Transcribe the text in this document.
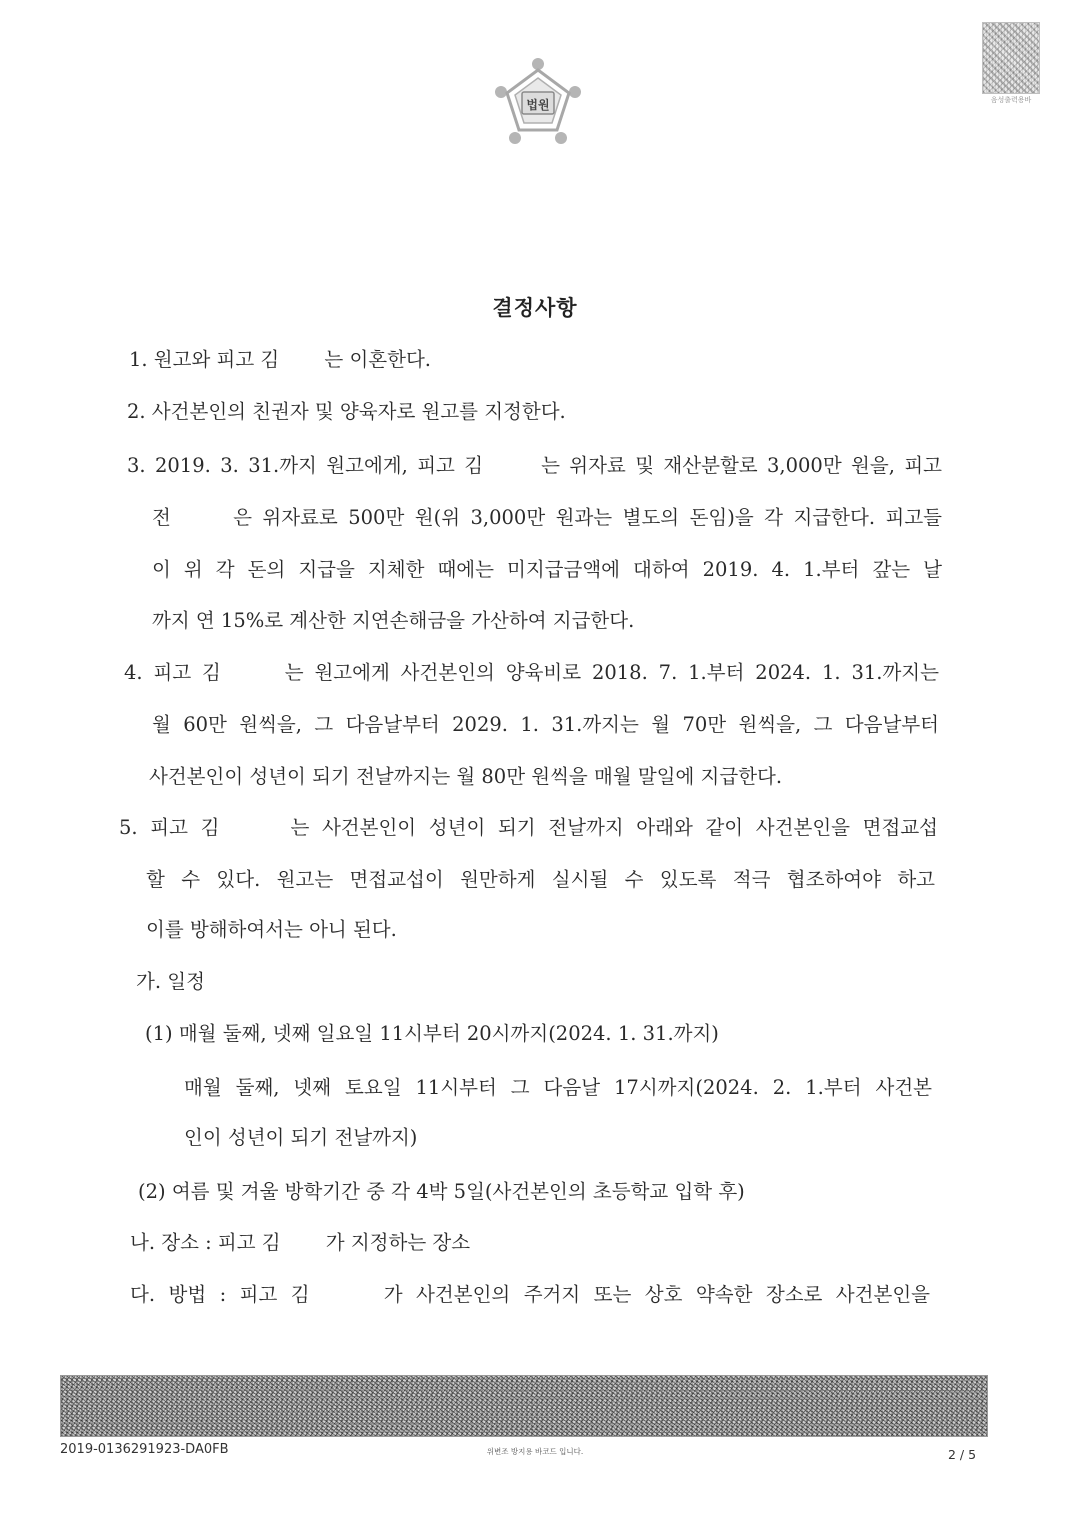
법원	음성출력용바
결정사항
1. 원고와 피고 김　　 는 이혼한다.
2. 사건본인의 친권자 및 양육자로 원고를 지정한다.
3. 2019. 3. 31.까지 원고에게, 피고 김　　 는 위자료 및 재산분할로 3,000만 원을, 피고
전　　 은 위자료로 500만 원(위 3,000만 원과는 별도의 돈임)을 각 지급한다. 피고들
이 위 각 돈의 지급을 지체한 때에는 미지급금액에 대하여 2019. 4. 1.부터 갚는 날
까지 연 15%로 계산한 지연손해금을 가산하여 지급한다.
4. 피고 김　　 는 원고에게 사건본인의 양육비로 2018. 7. 1.부터 2024. 1. 31.까지는
월 60만 원씩을, 그 다음날부터 2029. 1. 31.까지는 월 70만 원씩을, 그 다음날부터
사건본인이 성년이 되기 전날까지는 월 80만 원씩을 매월 말일에 지급한다.
5. 피고 김　　 는 사건본인이 성년이 되기 전날까지 아래와 같이 사건본인을 면접교섭
할 수 있다. 원고는 면접교섭이 원만하게 실시될 수 있도록 적극 협조하여야 하고
이를 방해하여서는 아니 된다.
가. 일정
(1) 매월 둘째, 넷째 일요일 11시부터 20시까지(2024. 1. 31.까지)
매월 둘째, 넷째 토요일 11시부터 그 다음날 17시까지(2024. 2. 1.부터 사건본
인이 성년이 되기 전날까지)
(2) 여름 및 겨울 방학기간 중 각 4박 5일(사건본인의 초등학교 입학 후)
나. 장소 : 피고 김　　 가 지정하는 장소
다. 방법 : 피고 김　　 가 사건본인의 주거지 또는 상호 약속한 장소로 사건본인을
2019-0136291923-DA0FB	위변조 방지용 바코드 입니다.	2 / 5
